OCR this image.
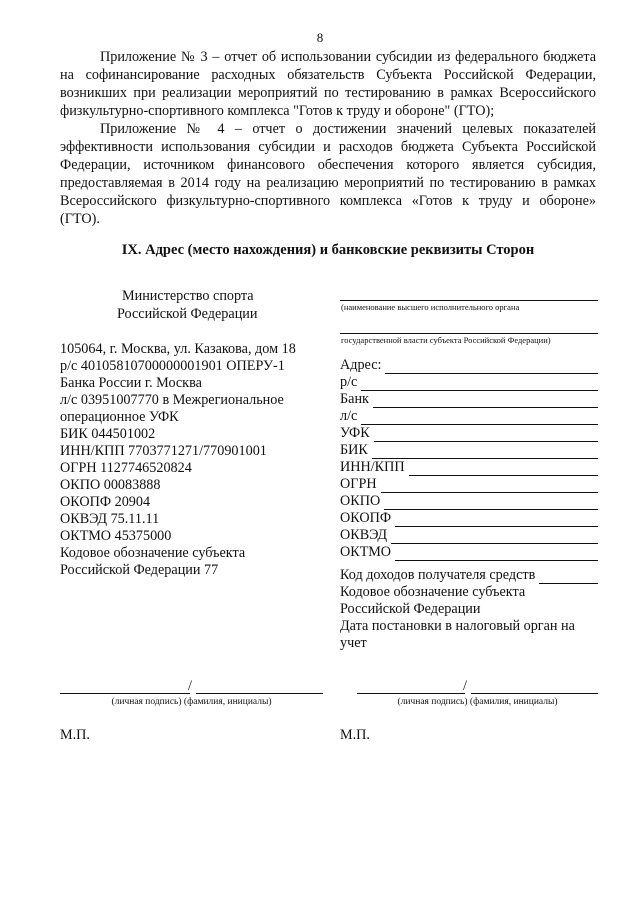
8
Приложение № 3 – отчет об использовании субсидии из федерального бюджета на софинансирование расходных обязательств Субъекта Российской Федерации, возникших при реализации мероприятий по тестированию в рамках Всероссийского физкультурно-спортивного комплекса "Готов к труду и обороне" (ГТО);
Приложение № 4 – отчет о достижении значений целевых показателей эффективности использования субсидии и расходов бюджета Субъекта Российской Федерации, источником финансового обеспечения которого является субсидия, предоставляемая в 2014 году на реализацию мероприятий по тестированию в рамках Всероссийского физкультурно-спортивного комплекса «Готов к труду и обороне» (ГТО).
IX. Адрес (место нахождения) и банковские реквизиты Сторон
Министерство спорта
Российской Федерации
105064, г. Москва, ул. Казакова, дом 18
р/с 40105810700000001901 ОПЕРУ-1
Банка России г. Москва
л/с 03951007770 в Межрегиональное
операционное УФК
БИК 044501002
ИНН/КПП 7703771271/770901001
ОГРН 1127746520824
ОКПО 00083888
ОКОПФ 20904
ОКВЭД 75.11.11
ОКТМО 45375000
Кодовое обозначение субъекта
Российской Федерации 77
(наименование высшего исполнительного органа
государственной власти субъекта Российской Федерации)
Адрес:
р/с
Банк
л/с
УФК
БИК
ИНН/КПП
ОГРН
ОКПО
ОКОПФ
ОКВЭД
ОКТМО
Код доходов получателя средств
Кодовое обозначение субъекта
Российской Федерации
Дата постановки в налоговый орган на
учет
/
(личная подпись) (фамилия, инициалы)
/
(личная подпись) (фамилия, инициалы)
М.П.	М.П.
